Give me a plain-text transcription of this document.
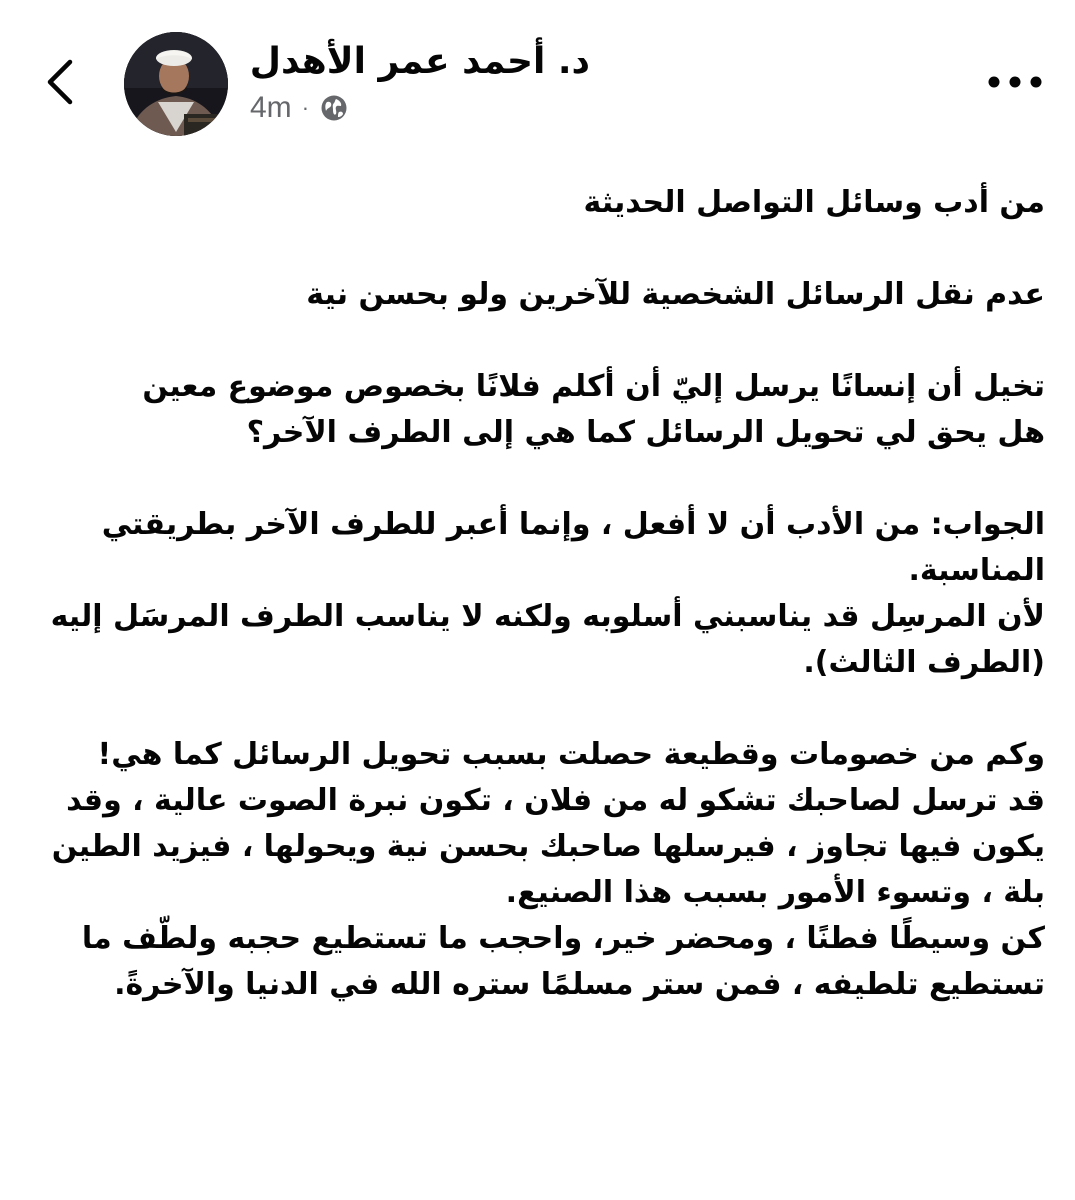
د. أحمد عمر الأهدل
4m ·

من أدب وسائل التواصل الحديثة

عدم نقل الرسائل الشخصية للآخرين ولو بحسن نية

تخيل أن إنسانًا يرسل إليّ أن أكلم فلانًا بخصوص موضوع معين
هل يحق لي تحويل الرسائل كما هي إلى الطرف الآخر؟

الجواب: من الأدب أن لا أفعل ، وإنما أعبر للطرف الآخر بطريقتي المناسبة.
لأن المرسِل قد يناسبني أسلوبه ولكنه لا يناسب الطرف المرسَل إليه (الطرف الثالث).

وكم من خصومات وقطيعة حصلت بسبب تحويل الرسائل كما هي!
قد ترسل لصاحبك تشكو له من فلان ، تكون نبرة الصوت عالية ، وقد يكون فيها تجاوز ، فيرسلها صاحبك بحسن نية ويحولها ، فيزيد الطين بلة ، وتسوء الأمور بسبب هذا الصنيع.
كن وسيطًا فطنًا ، ومحضر خير، واحجب ما تستطيع حجبه ولطّف ما تستطيع تلطيفه ، فمن ستر مسلمًا ستره الله في الدنيا والآخرةً.
